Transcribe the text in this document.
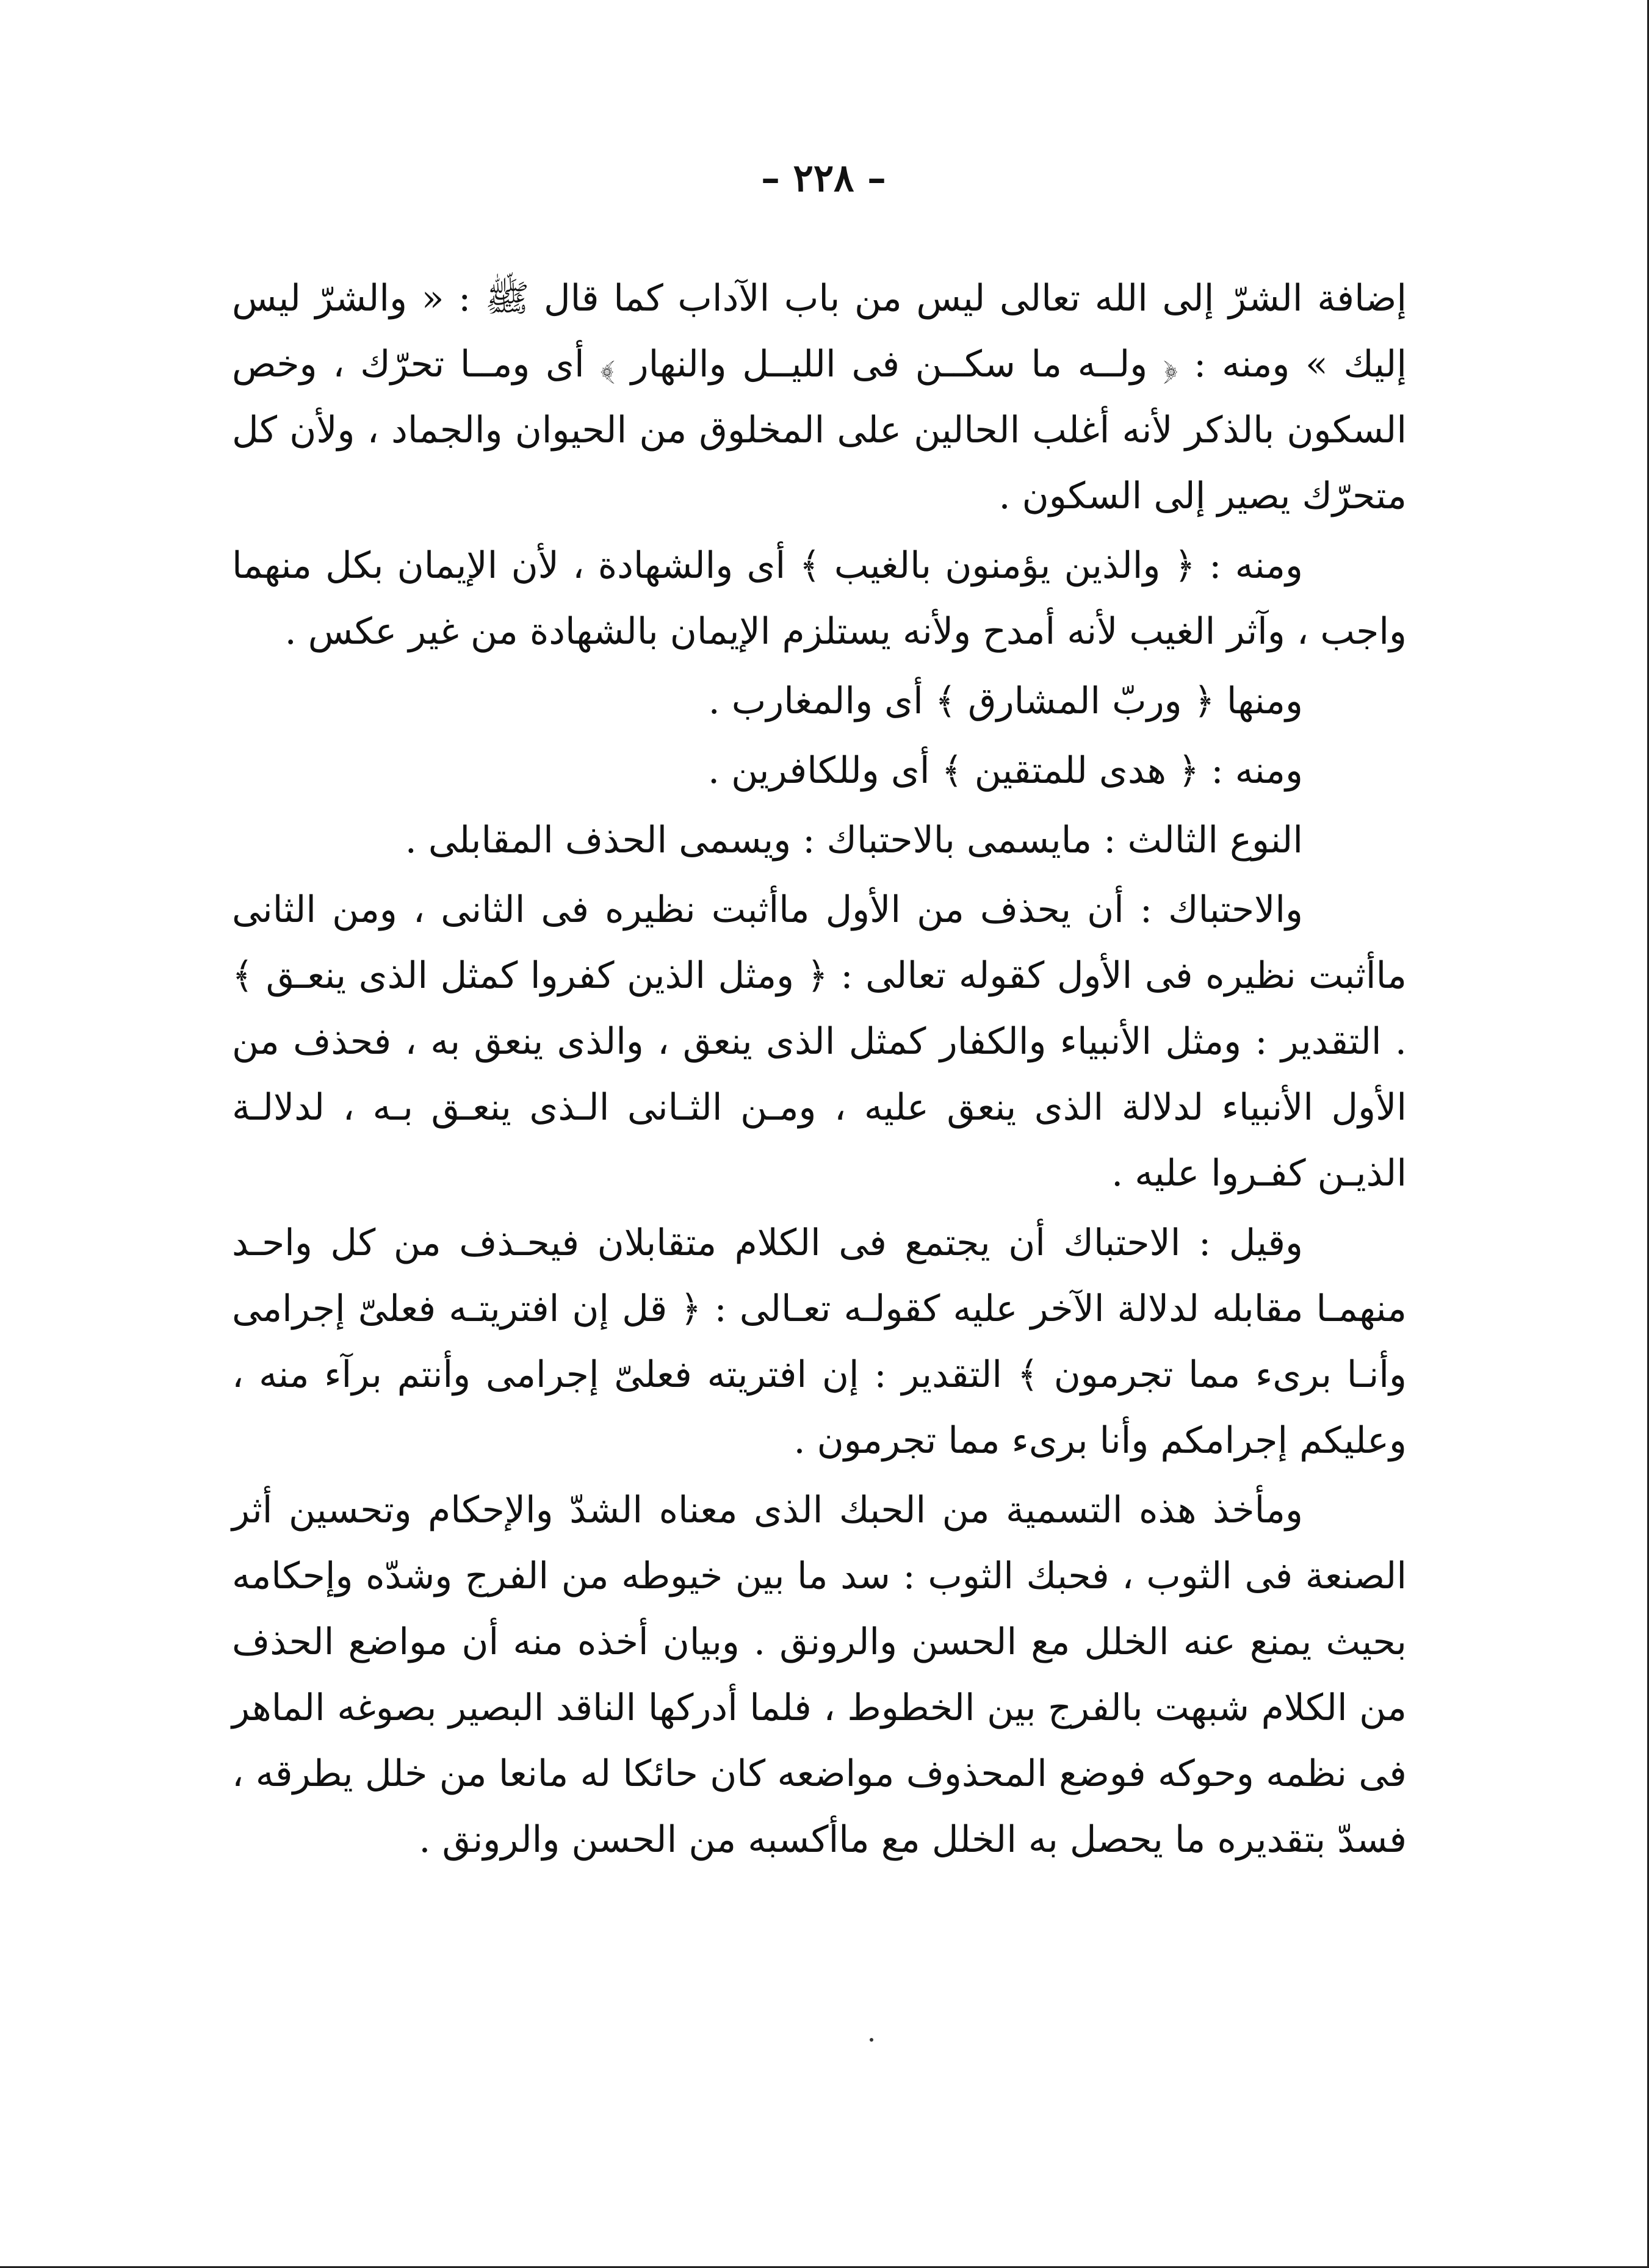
– ٢٢٨ –

إضافة الشرّ إلى الله تعالى ليس من باب الآداب كما قال ﷺ : « والشرّ ليس إليك » ومنه : ﴿ ولــه ما سكــن فى الليــل والنهار ﴾ أى ومــا تحرّك ، وخص السكون بالذكر لأنه أغلب الحالين على المخلوق من الحيوان والجماد ، ولأن كل متحرّك يصير إلى السكون .

ومنه : ﴿ والذين يؤمنون بالغيب ﴾ أى والشهادة ، لأن الإيمان بكل منهما واجب ، وآثر الغيب لأنه أمدح ولأنه يستلزم الإيمان بالشهادة من غير عكس .

ومنها ﴿ وربّ المشارق ﴾ أى والمغارب .

ومنه : ﴿ هدى للمتقين ﴾ أى وللكافرين .

النوع الثالث : مايسمى بالاحتباك : ويسمى الحذف المقابلى .

والاحتباك : أن يحذف من الأول ماأثبت نظيره فى الثانى ، ومن الثانى ماأثبت نظيره فى الأول كقوله تعالى : ﴿ ومثل الذين كفروا كمثل الذى ينعـق ﴾ . التقدير : ومثل الأنبياء والكفار كمثل الذى ينعق ، والذى ينعق به ، فحذف من الأول الأنبياء لدلالة الذى ينعق عليه ، ومـن الثـانى الـذى ينعـق بـه ، لدلالـة الذيـن كفـروا عليه .

وقيل : الاحتباك أن يجتمع فى الكلام متقابلان فيحـذف من كل واحـد منهمـا مقابله لدلالة الآخر عليه كقولـه تعـالى : ﴿ قل إن افتريتـه فعلىّ إجرامى وأنـا برىء مما تجرمون ﴾ التقدير : إن افتريته فعلىّ إجرامى وأنتم برآء منه ، وعليكم إجرامكم وأنا برىء مما تجرمون .

ومأخذ هذه التسمية من الحبك الذى معناه الشدّ والإحكام وتحسين أثر الصنعة فى الثوب ، فحبك الثوب : سد ما بين خيوطه من الفرج وشدّه وإحكامه بحيث يمنع عنه الخلل مع الحسن والرونق . وبيان أخذه منه أن مواضع الحذف من الكلام شبهت بالفرج بين الخطوط ، فلما أدركها الناقد البصير بصوغه الماهر فى نظمه وحوكه فوضع المحذوف مواضعه كان حائكا له مانعا من خلل يطرقه ، فسدّ بتقديره ما يحصل به الخلل مع ماأكسبه من الحسن والرونق .
